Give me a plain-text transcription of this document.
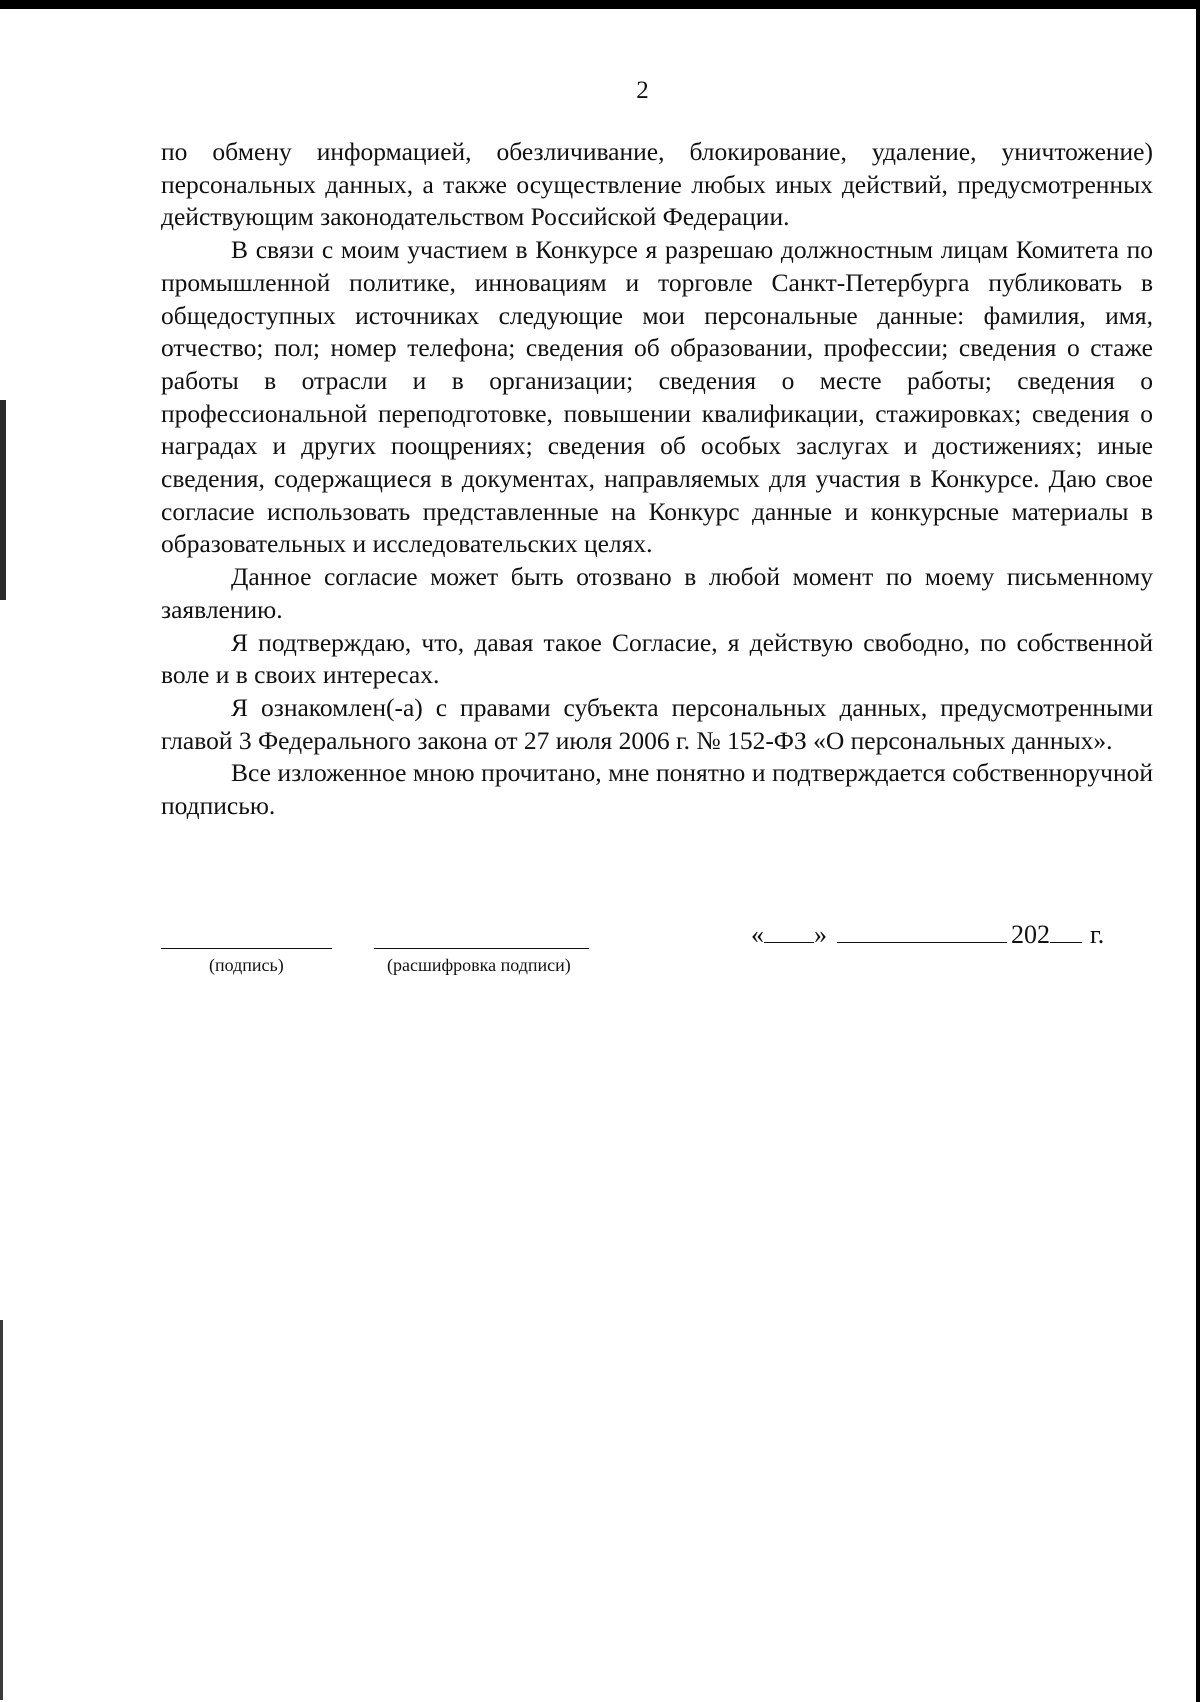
2

по обмену информацией, обезличивание, блокирование, удаление, уничтожение) персональных данных, а также осуществление любых иных действий, предусмотренных действующим законодательством Российской Федерации.

В связи с моим участием в Конкурсе я разрешаю должностным лицам Комитета по промышленной политике, инновациям и торговле Санкт-Петербурга публиковать в общедоступных источниках следующие мои персональные данные: фамилия, имя, отчество; пол; номер телефона; сведения об образовании, профессии; сведения о стаже работы в отрасли и в организации; сведения о месте работы; сведения о профессиональной переподготовке, повышении квалификации, стажировках; сведения о наградах и других поощрениях; сведения об особых заслугах и достижениях; иные сведения, содержащиеся в документах, направляемых для участия в Конкурсе. Даю свое согласие использовать представленные на Конкурс данные и конкурсные материалы в образовательных и исследовательских целях.

Данное согласие может быть отозвано в любой момент по моему письменному заявлению.

Я подтверждаю, что, давая такое Согласие, я действую свободно, по собственной воле и в своих интересах.

Я ознакомлен(-а) с правами субъекта персональных данных, предусмотренными главой 3 Федерального закона от 27 июля 2006 г. № 152-ФЗ «О персональных данных».

Все изложенное мною прочитано, мне понятно и подтверждается собственноручной подписью.

(подпись)	(расшифровка подписи)
« »	202 г.
